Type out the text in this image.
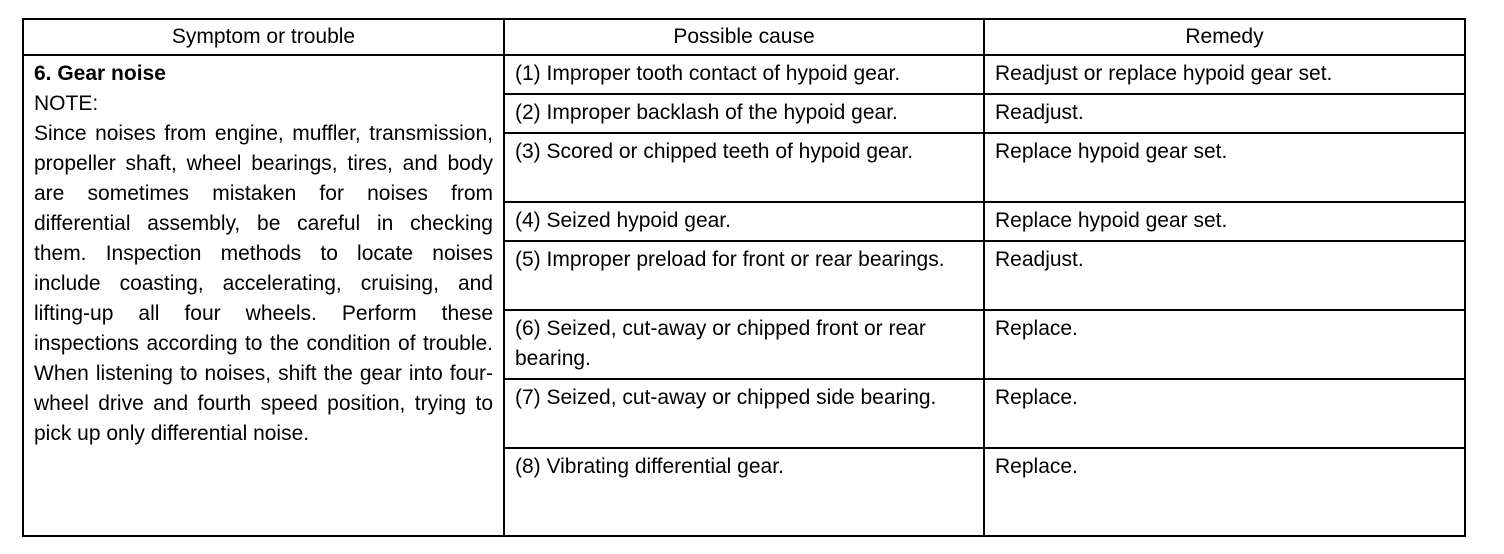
Symptom or trouble	Possible cause	Remedy

6. Gear noise
NOTE:
Since noises from engine, muffler, transmission, propeller shaft, wheel bearings, tires, and body are sometimes mistaken for noises from differential assembly, be careful in checking them. Inspection methods to locate noises include coasting, accelerating, cruising, and lifting-up all four wheels. Perform these inspections according to the condition of trouble. When listening to noises, shift the gear into four-wheel drive and fourth speed position, trying to pick up only differential noise.	(1) Improper tooth contact of hypoid gear.	Readjust or replace hypoid gear set.
	(2) Improper backlash of the hypoid gear.	Readjust.
	(3) Scored or chipped teeth of hypoid gear.	Replace hypoid gear set.
	(4) Seized hypoid gear.	Replace hypoid gear set.
	(5) Improper preload for front or rear bearings.	Readjust.
	(6) Seized, cut-away or chipped front or rear bearing.	Replace.
	(7) Seized, cut-away or chipped side bearing.	Replace.
	(8) Vibrating differential gear.	Replace.
